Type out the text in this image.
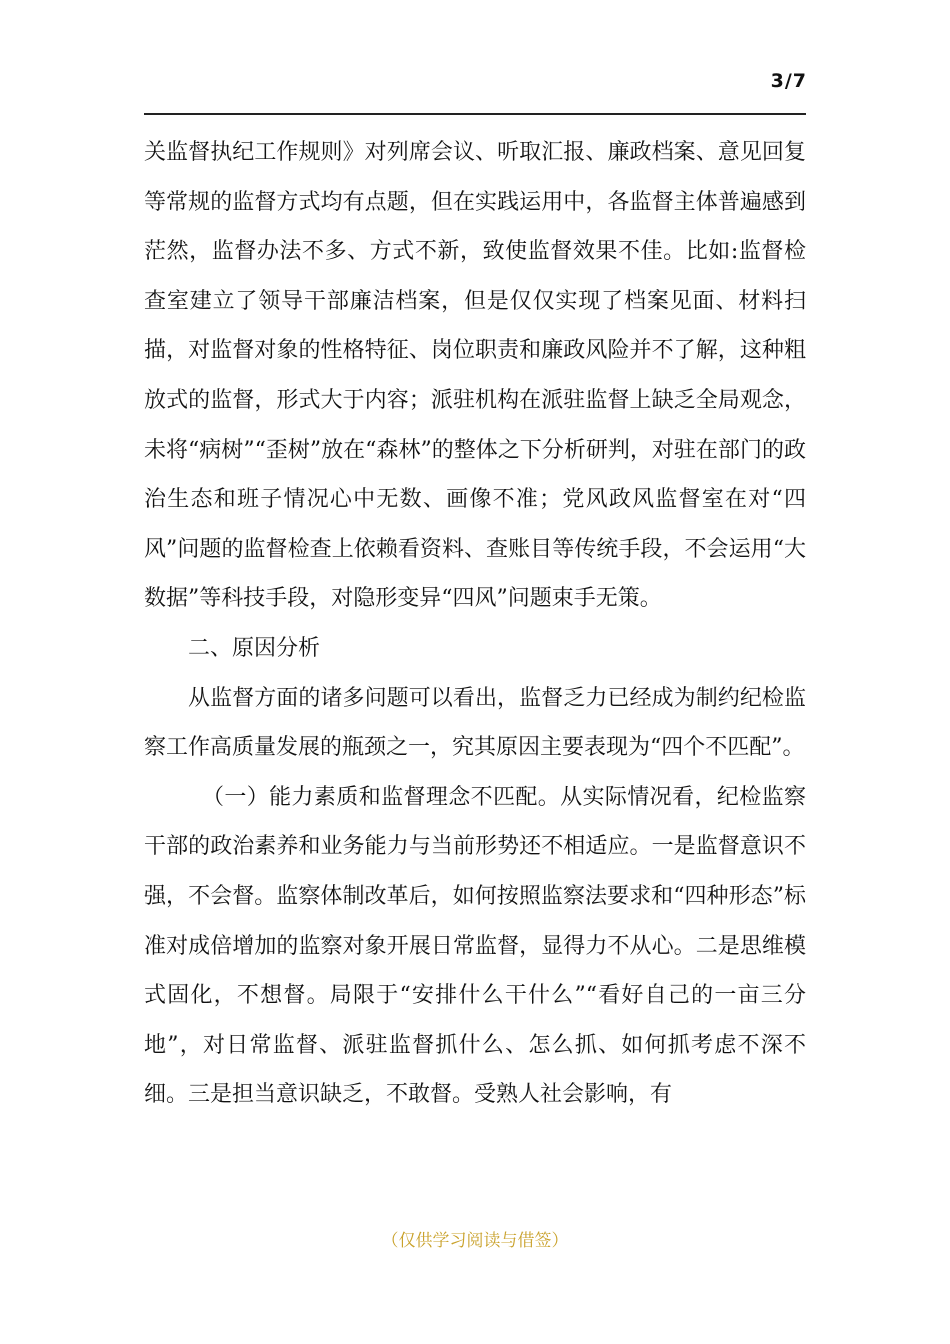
3/7

关监督执纪工作规则》对列席会议、听取汇报、廉政档案、意见回复等常规的监督方式均有点题，但在实践运用中，各监督主体普遍感到茫然，监督办法不多、方式不新，致使监督效果不佳。比如:监督检查室建立了领导干部廉洁档案，但是仅仅实现了档案见面、材料扫描，对监督对象的性格特征、岗位职责和廉政风险并不了解，这种粗放式的监督，形式大于内容；派驻机构在派驻监督上缺乏全局观念，未将“病树”“歪树”放在“森林”的整体之下分析研判，对驻在部门的政治生态和班子情况心中无数、画像不准；党风政风监督室在对“四风”问题的监督检查上依赖看资料、查账目等传统手段，不会运用“大数据”等科技手段，对隐形变异“四风”问题束手无策。

二、原因分析

从监督方面的诸多问题可以看出，监督乏力已经成为制约纪检监察工作高质量发展的瓶颈之一，究其原因主要表现为“四个不匹配”。

（一）能力素质和监督理念不匹配。从实际情况看，纪检监察干部的政治素养和业务能力与当前形势还不相适应。一是监督意识不强，不会督。监察体制改革后，如何按照监察法要求和“四种形态”标准对成倍增加的监察对象开展日常监督，显得力不从心。二是思维模式固化，不想督。局限于“安排什么干什么”“看好自己的一亩三分地”，对日常监督、派驻监督抓什么、怎么抓、如何抓考虑不深不细。三是担当意识缺乏，不敢督。受熟人社会影响，有

（仅供学习阅读与借签）
